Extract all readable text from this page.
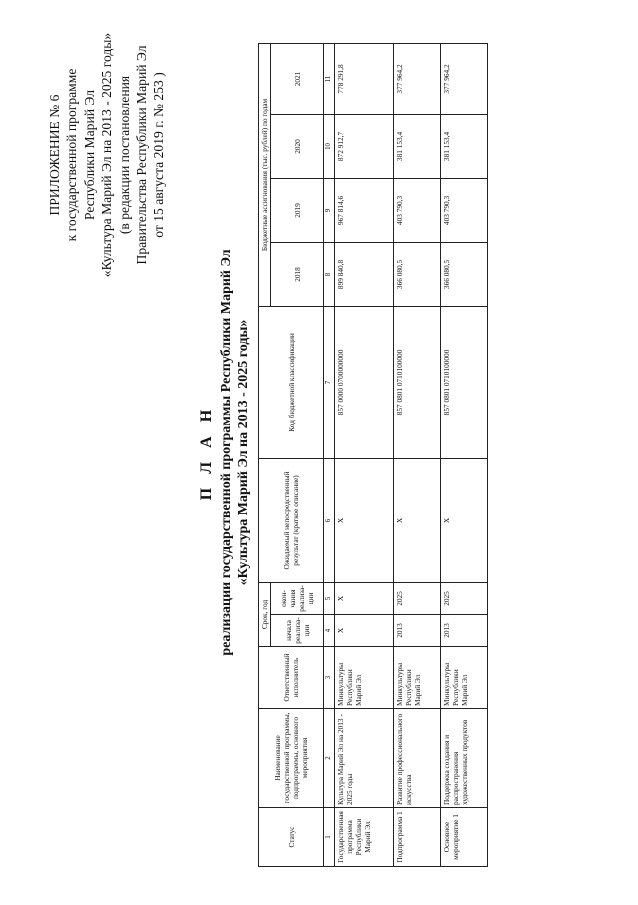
ПРИЛОЖЕНИЕ № 6 к государственной программе Республики Марий Эл «Культура Марий Эл на 2013 - 2025 годы» (в редакции постановления Правительства Республики Марий Эл от 15 августа 2019 г. № 253 )
П Л А Н реализации государственной программы Республики Марий Эл «Культура Марий Эл на 2013 - 2025 годы»
Статус	Наименование государственной программы, подпрограммы, основного мероприятия	Ответственный исполнитель	Срок, год		Ожидаемый непосредственный результат (краткое описание)	Код бюджетной классификации	Бюджетные ассигнования (тыс. рублей) по годам			
			начала реализа- ции	окон- чания реализа- ции			2018	2019	2020	2021
1	2	3	4	5	6	7	8	9	10	11
Государственная программа Республики Марий Эл	Культура Марий Эл на 2013 - 2025 годы	Минкультуры Республики Марий Эл	X	X	X	857 0000 0700000000	899 840,8	967 814,6	872 912,7	778 291,8
Подпрограмма 1	Развитие профессионального искусства	Минкультуры Республики Марий Эл	2013	2025	X	857 0801 0710100000	366 080,5	403 790,3	381 153,4	377 964,2
Основное мероприятие 1	Поддержка создания и распространения художественных продуктов	Минкультуры Республики Марий Эл	2013	2025	X	857 0801 0710100000	366 080,5	403 790,3	381 153,4	377 964,2
